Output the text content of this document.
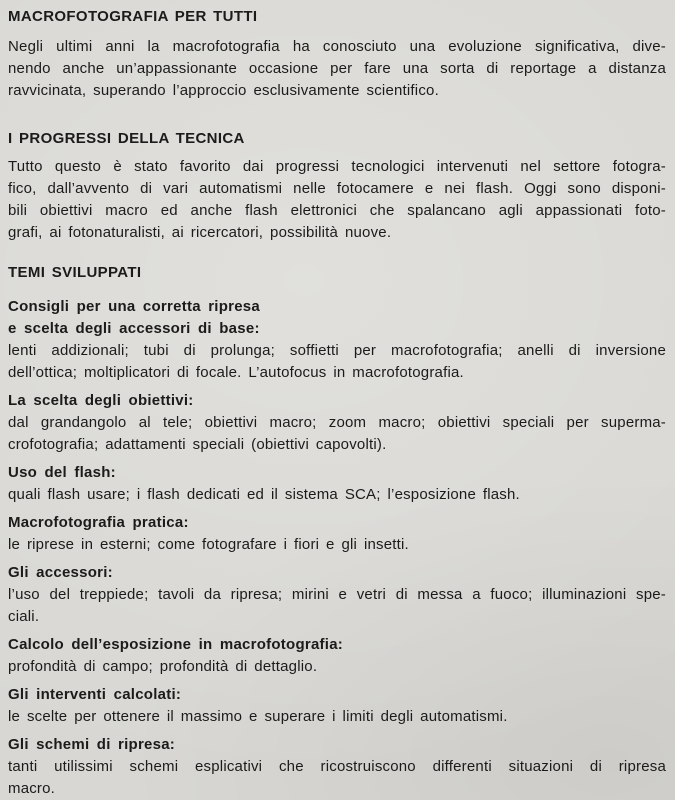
MACROFOTOGRAFIA PER TUTTI
Negli ultimi anni la macrofotografia ha conosciuto una evoluzione significativa, dive-
nendo anche un’appassionante occasione per fare una sorta di reportage a distanza
ravvicinata, superando l’approccio esclusivamente scientifico.
I PROGRESSI DELLA TECNICA
Tutto questo è stato favorito dai progressi tecnologici intervenuti nel settore fotogra-
fico, dall’avvento di vari automatismi nelle fotocamere e nei flash. Oggi sono disponi-
bili obiettivi macro ed anche flash elettronici che spalancano agli appassionati foto-
grafi, ai fotonaturalisti, ai ricercatori, possibilità nuove.
TEMI SVILUPPATI
Consigli per una corretta ripresa
e scelta degli accessori di base:
lenti addizionali; tubi di prolunga; soffietti per macrofotografia; anelli di inversione
dell’ottica; moltiplicatori di focale. L’autofocus in macrofotografia.
La scelta degli obiettivi:
dal grandangolo al tele; obiettivi macro; zoom macro; obiettivi speciali per superma-
crofotografia; adattamenti speciali (obiettivi capovolti).
Uso del flash:
quali flash usare; i flash dedicati ed il sistema SCA; l’esposizione flash.
Macrofotografia pratica:
le riprese in esterni; come fotografare i fiori e gli insetti.
Gli accessori:
l’uso del treppiede; tavoli da ripresa; mirini e vetri di messa a fuoco; illuminazioni spe-
ciali.
Calcolo dell’esposizione in macrofotografia:
profondità di campo; profondità di dettaglio.
Gli interventi calcolati:
le scelte per ottenere il massimo e superare i limiti degli automatismi.
Gli schemi di ripresa:
tanti utilissimi schemi esplicativi che ricostruiscono differenti situazioni di ripresa
macro.
